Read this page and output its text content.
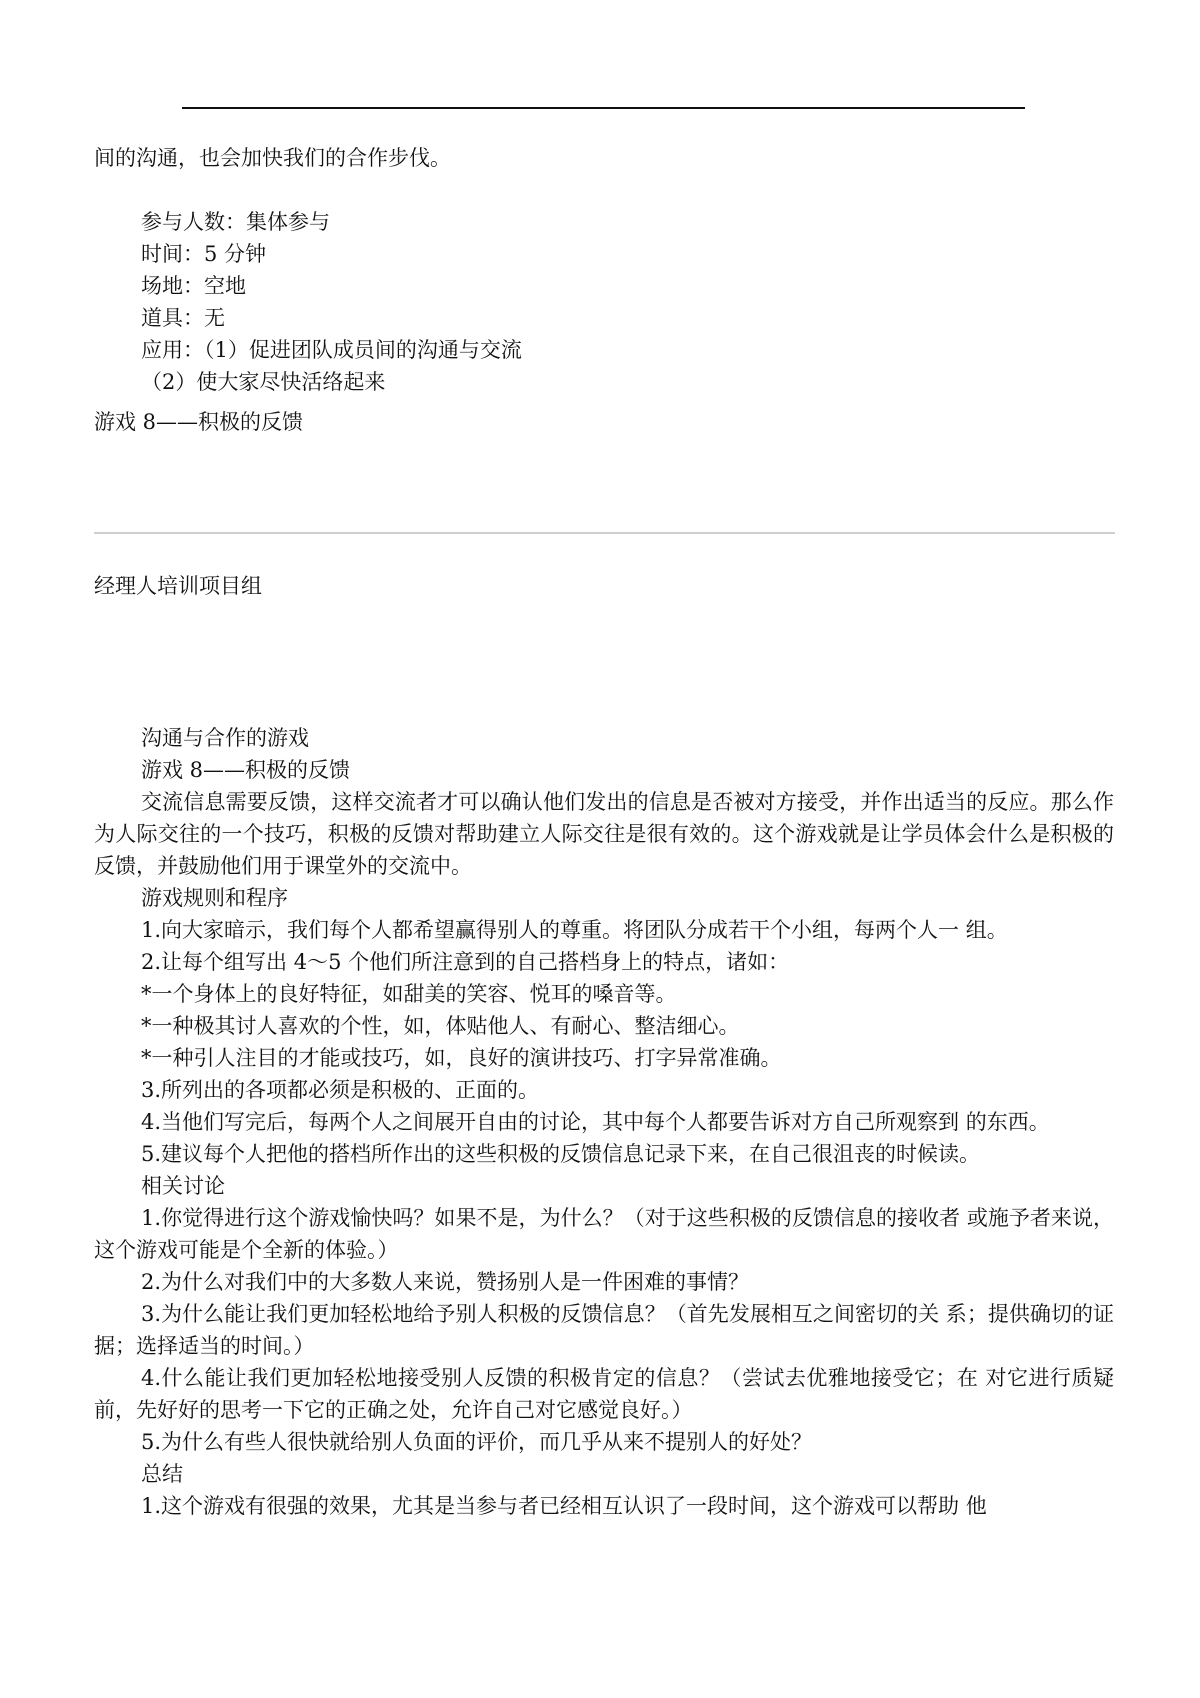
间的沟通，也会加快我们的合作步伐。
参与人数：集体参与
时间：5 分钟
场地：空地
道具：无
应用：（1）促进团队成员间的沟通与交流
（2）使大家尽快活络起来
游戏 8——积极的反馈
经理人培训项目组
沟通与合作的游戏
游戏 8——积极的反馈
交流信息需要反馈，这样交流者才可以确认他们发出的信息是否被对方接受，并作出适当的反应。那么作为人际交往的一个技巧，积极的反馈对帮助建立人际交往是很有效的。这个游戏就是让学员体会什么是积极的反馈，并鼓励他们用于课堂外的交流中。
游戏规则和程序
1.向大家暗示，我们每个人都希望赢得别人的尊重。将团队分成若干个小组，每两个人一 组。
2.让每个组写出 4～5 个他们所注意到的自己搭档身上的特点，诸如：
*一个身体上的良好特征，如甜美的笑容、悦耳的嗓音等。
*一种极其讨人喜欢的个性，如，体贴他人、有耐心、整洁细心。
*一种引人注目的才能或技巧，如，良好的演讲技巧、打字异常准确。
3.所列出的各项都必须是积极的、正面的。
4.当他们写完后，每两个人之间展开自由的讨论，其中每个人都要告诉对方自己所观察到 的东西。
5.建议每个人把他的搭档所作出的这些积极的反馈信息记录下来，在自己很沮丧的时候读。
相关讨论
1.你觉得进行这个游戏愉快吗？如果不是，为什么？（对于这些积极的反馈信息的接收者 或施予者来说，这个游戏可能是个全新的体验。）
2.为什么对我们中的大多数人来说，赞扬别人是一件困难的事情？
3.为什么能让我们更加轻松地给予别人积极的反馈信息？（首先发展相互之间密切的关 系；提供确切的证据；选择适当的时间。）
4.什么能让我们更加轻松地接受别人反馈的积极肯定的信息？（尝试去优雅地接受它；在 对它进行质疑前，先好好的思考一下它的正确之处，允许自己对它感觉良好。）
5.为什么有些人很快就给别人负面的评价，而几乎从来不提别人的好处？
总结
1.这个游戏有很强的效果，尤其是当参与者已经相互认识了一段时间，这个游戏可以帮助 他
